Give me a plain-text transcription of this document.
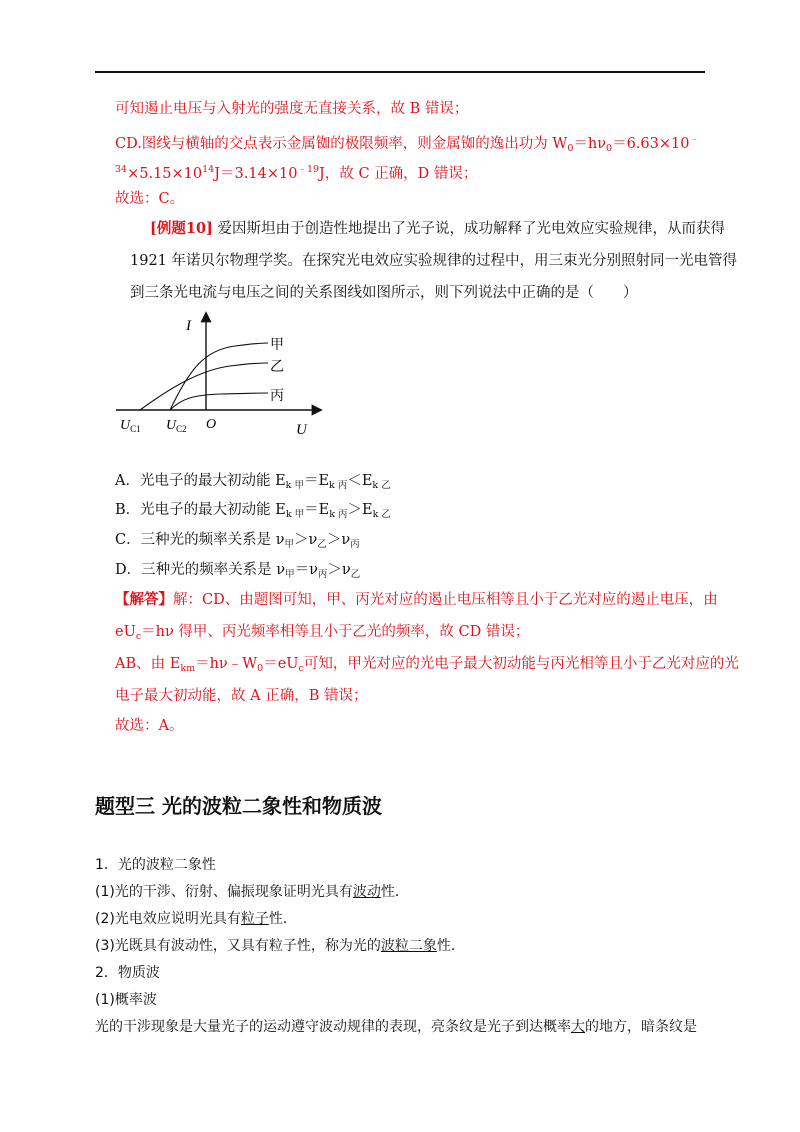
可知遏止电压与入射光的强度无直接关系，故 B 错误；
CD.图线与横轴的交点表示金属铷的极限频率，则金属铷的逸出功为 $W_0=h\nu_0=6.63\times 10^﹣$
$^{34}\times 5.15\times 10^{14}J=3.14\times 10^{﹣19}J$，故 C 正确，D 错误；
故选：C。
[例题10] 爱因斯坦由于创造性地提出了光子说，成功解释了光电效应实验规律，从而获得
1921 年诺贝尔物理学奖。在探究光电效应实验规律的过程中，用三束光分别照射同一光电管得
到三条光电流与电压之间的关系图线如图所示，则下列说法中正确的是（　　）
I
U
O
$U_{C1}$ $U_{C2}$
甲
乙
丙
A．光电子的最大初动能 $E_{k 甲}=E_{k 丙}<E_{k 乙}$
B．光电子的最大初动能 $E_{k 甲}=E_{k 丙}>E_{k 乙}$
C．三种光的频率关系是 $\nu_甲>\nu_乙>\nu_丙$
D．三种光的频率关系是 $\nu_甲=\nu_丙>\nu_乙$
【解答】解：CD、由题图可知，甲、丙光对应的遏止电压相等且小于乙光对应的遏止电压，由
$eU_c=h\nu$ 得甲、丙光频率相等且小于乙光的频率，故 CD 错误；
AB、由 $E_{km}=h\nu﹣W_0=eU_c$可知，甲光对应的光电子最大初动能与丙光相等且小于乙光对应的光
电子最大初动能，故 A 正确，B 错误；
故选：A。
题型三 光的波粒二象性和物质波
1．光的波粒二象性
(1)光的干涉、衍射、偏振现象证明光具有波动性．
(2)光电效应说明光具有粒子性．
(3)光既具有波动性，又具有粒子性，称为光的波粒二象性．
2．物质波
(1)概率波
光的干涉现象是大量光子的运动遵守波动规律的表现，亮条纹是光子到达概率大的地方，暗条纹是
